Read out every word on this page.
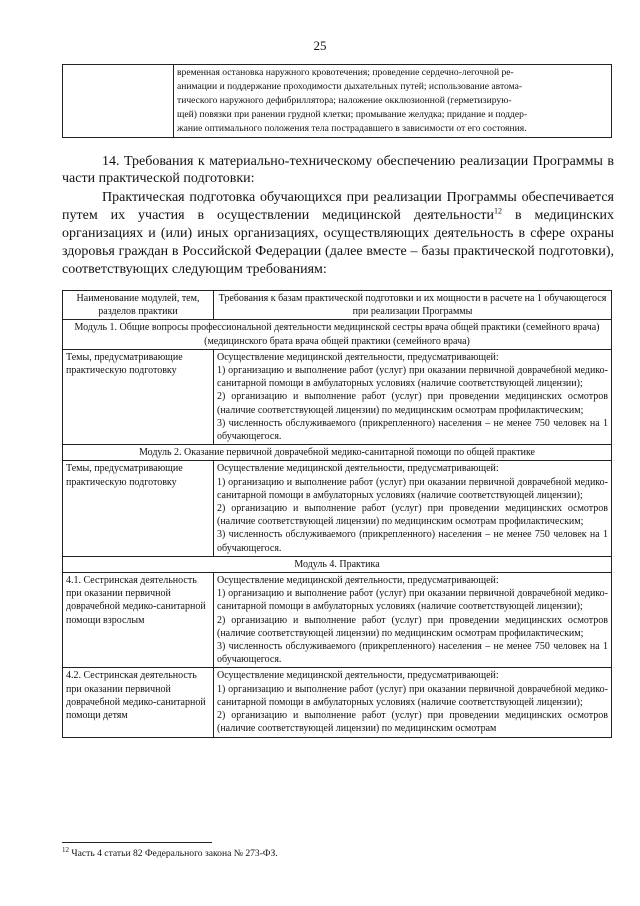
25

временная остановка наружного кровотечения; проведение сердечно-легочной ре-
анимации и поддержание проходимости дыхательных путей; использование автома-
тического наружного дефибриллятора; наложение окклюзионной (герметизирую-
щей) повязки при ранении грудной клетки; промывание желудка; придание и поддер-
жание оптимального положения тела пострадавшего в зависимости от его состояния.
14. Требования к материально-техническому обеспечению реализации Программы в части практической подготовки:
Практическая подготовка обучающихся при реализации Программы обеспечивается путем их участия в осуществлении медицинской деятельности$^{12}$ в медицинских организациях и (или) иных организациях, осуществляющих деятельность в сфере охраны здоровья граждан в Российской Федерации (далее вместе – базы практической подготовки), соответствующих следующим требованиям:
Наименование модулей, тем, разделов практики	Требования к базам практической подготовки и их мощности в расчете на 1 обучающегося при реализации Программы
Модуль 1. Общие вопросы профессиональной деятельности медицинской сестры врача общей практики (семейного врача) (медицинского брата врача общей практики (семейного врача)	
Темы, предусматривающие практическую подготовку	Осуществление медицинской деятельности, предусматривающей:
1) организацию и выполнение работ (услуг) при оказании первичной доврачебной медико-санитарной помощи в амбулаторных условиях (наличие соответствующей лицензии);
2) организацию и выполнение работ (услуг) при проведении медицинских осмотров (наличие соответствующей лицензии) по медицинским осмотрам профилактическим;
3) численность обслуживаемого (прикрепленного) населения – не менее 750 человек на 1 обучающегося.

Модуль 2. Оказание первичной доврачебной медико-санитарной помощи по общей практике	
Темы, предусматривающие практическую подготовку	Осуществление медицинской деятельности, предусматривающей:
1) организацию и выполнение работ (услуг) при оказании первичной доврачебной медико-санитарной помощи в амбулаторных условиях (наличие соответствующей лицензии);
2) организацию и выполнение работ (услуг) при проведении медицинских осмотров (наличие соответствующей лицензии) по медицинским осмотрам профилактическим;
3) численность обслуживаемого (прикрепленного) населения – не менее 750 человек на 1 обучающегося.

Модуль 4. Практика	
4.1. Сестринская деятельность при оказании первичной доврачебной медико-санитарной помощи взрослым	Осуществление медицинской деятельности, предусматривающей:
1) организацию и выполнение работ (услуг) при оказании первичной доврачебной медико-санитарной помощи в амбулаторных условиях (наличие соответствующей лицензии);
2) организацию и выполнение работ (услуг) при проведении медицинских осмотров (наличие соответствующей лицензии) по медицинским осмотрам профилактическим;
3) численность обслуживаемого (прикрепленного) населения – не менее 750 человек на 1 обучающегося.

4.2. Сестринская деятельность при оказании первичной доврачебной медико-санитарной помощи детям	Осуществление медицинской деятельности, предусматривающей:
1) организацию и выполнение работ (услуг) при оказании первичной доврачебной медико-санитарной помощи в амбулаторных условиях (наличие соответствующей лицензии);
2) организацию и выполнение работ (услуг) при проведении медицинских осмотров (наличие соответствующей лицензии) по медицинским осмотрам
$^{12}$ Часть 4 статьи 82 Федерального закона № 273-ФЗ.
